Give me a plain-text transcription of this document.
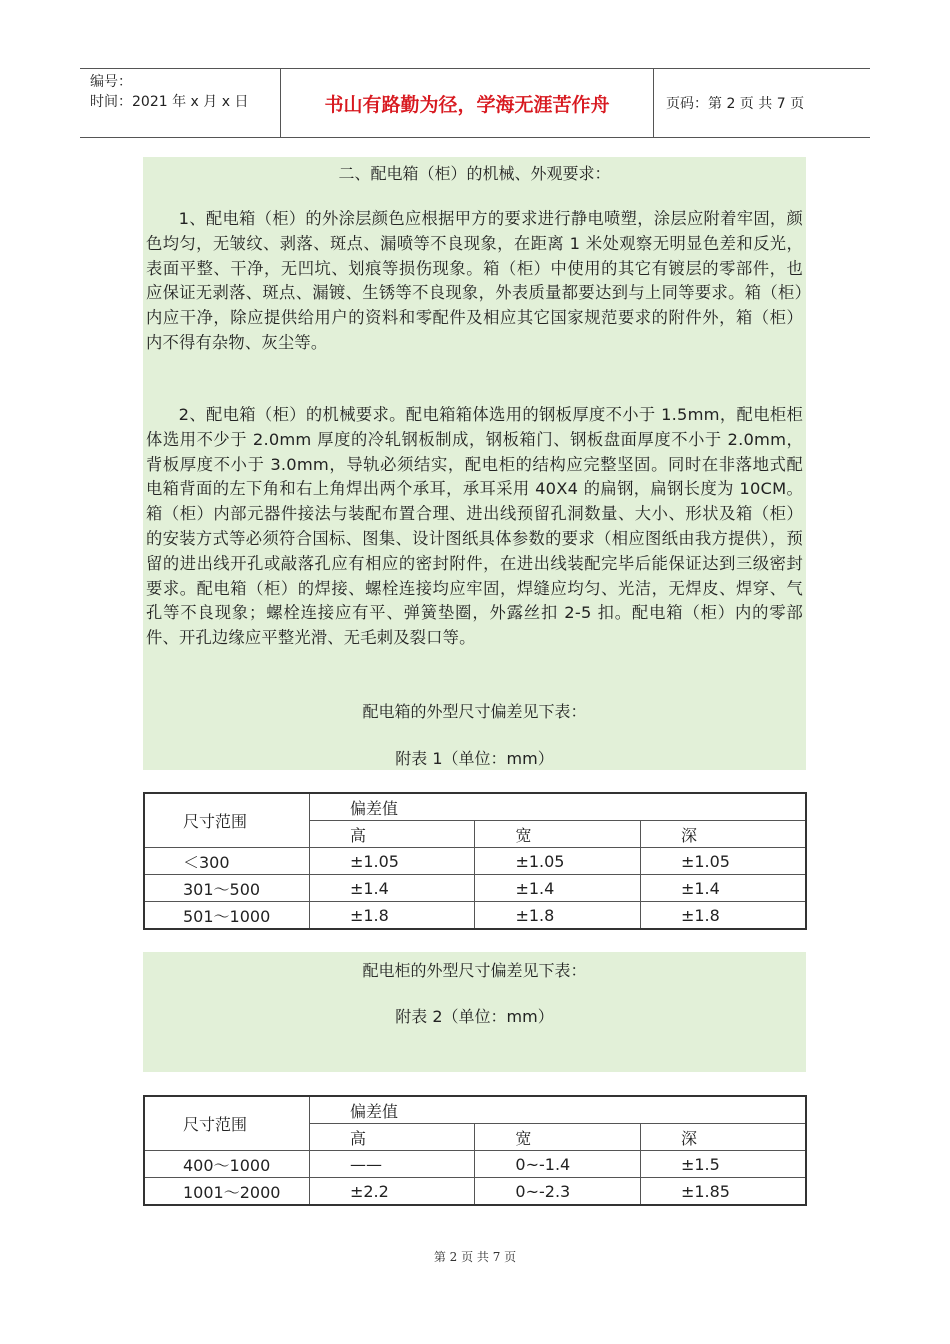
编号：
时间：2021 年 x 月 x 日	书山有路勤为径，学海无涯苦作舟	页码：第 2 页 共 7 页
二、配电箱（柜）的机械、外观要求：
1、配电箱（柜）的外涂层颜色应根据甲方的要求进行静电喷塑，涂层应附着牢固，颜色均匀，无皱纹、剥落、斑点、漏喷等不良现象，在距离 1 米处观察无明显色差和反光，表面平整、干净，无凹坑、划痕等损伤现象。箱（柜）中使用的其它有镀层的零部件，也应保证无剥落、斑点、漏镀、生锈等不良现象，外表质量都要达到与上同等要求。箱（柜）内应干净，除应提供给用户的资料和零配件及相应其它国家规范要求的附件外，箱（柜）内不得有杂物、灰尘等。
2、配电箱（柜）的机械要求。配电箱箱体选用的钢板厚度不小于 1.5mm，配电柜柜体选用不少于 2.0mm 厚度的冷轧钢板制成，钢板箱门、钢板盘面厚度不小于 2.0mm，背板厚度不小于 3.0mm，导轨必须结实，配电柜的结构应完整坚固。同时在非落地式配电箱背面的左下角和右上角焊出两个承耳，承耳采用 40X4 的扁钢，扁钢长度为 10CM。箱（柜）内部元器件接法与装配布置合理、进出线预留孔洞数量、大小、形状及箱（柜）的安装方式等必须符合国标、图集、设计图纸具体参数的要求（相应图纸由我方提供），预留的进出线开孔或敲落孔应有相应的密封附件，在进出线装配完毕后能保证达到三级密封要求。配电箱（柜）的焊接、螺栓连接均应牢固，焊缝应均匀、光洁，无焊皮、焊穿、气孔等不良现象；螺栓连接应有平、弹簧垫圈，外露丝扣 2-5 扣。配电箱（柜）内的零部件、开孔边缘应平整光滑、无毛刺及裂口等。
配电箱的外型尺寸偏差见下表：
附表 1（单位：mm）
尺寸范围	偏差值		
	高	宽	深
＜300	±1.05	±1.05	±1.05
301～500	±1.4	±1.4	±1.4
501～1000	±1.8	±1.8	±1.8
配电柜的外型尺寸偏差见下表：
附表 2（单位：mm）
尺寸范围	偏差值		
	高	宽	深
400～1000	——	0~-1.4	±1.5
1001～2000	±2.2	0~-2.3	±1.85
第 2 页 共 7 页
